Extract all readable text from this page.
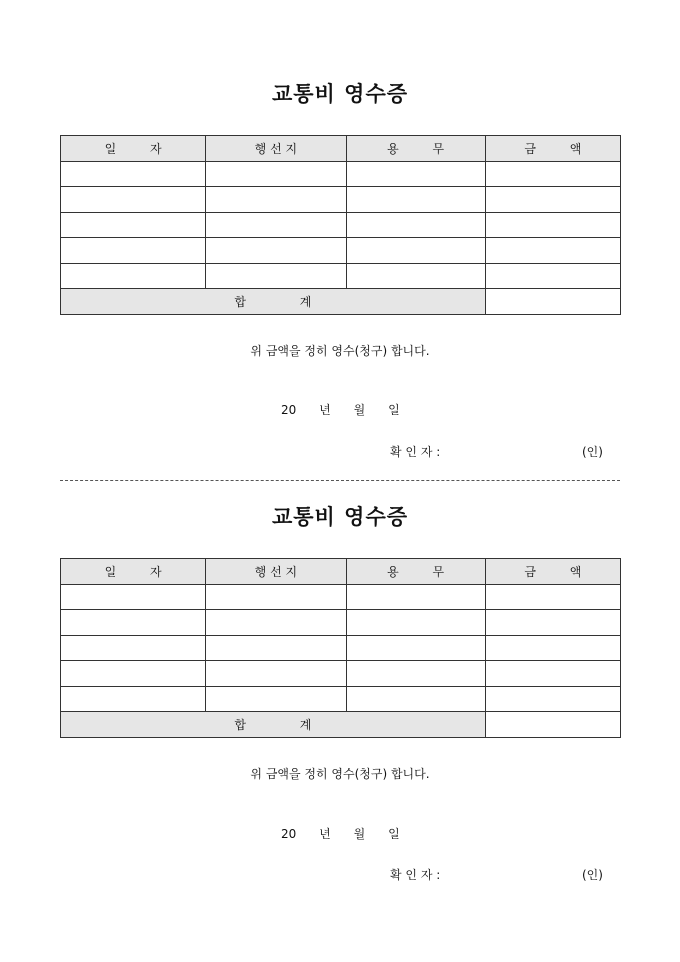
교통비 영수증
일 자	행 선 지	용 무	금 액

합 계			
위 금액을 정히 영수(청구) 합니다.
20 년 월 일
확 인 자 :	(인)
교통비 영수증
일 자	행 선 지	용 무	금 액

합 계			
위 금액을 정히 영수(청구) 합니다.
20 년 월 일
확 인 자 :	(인)
